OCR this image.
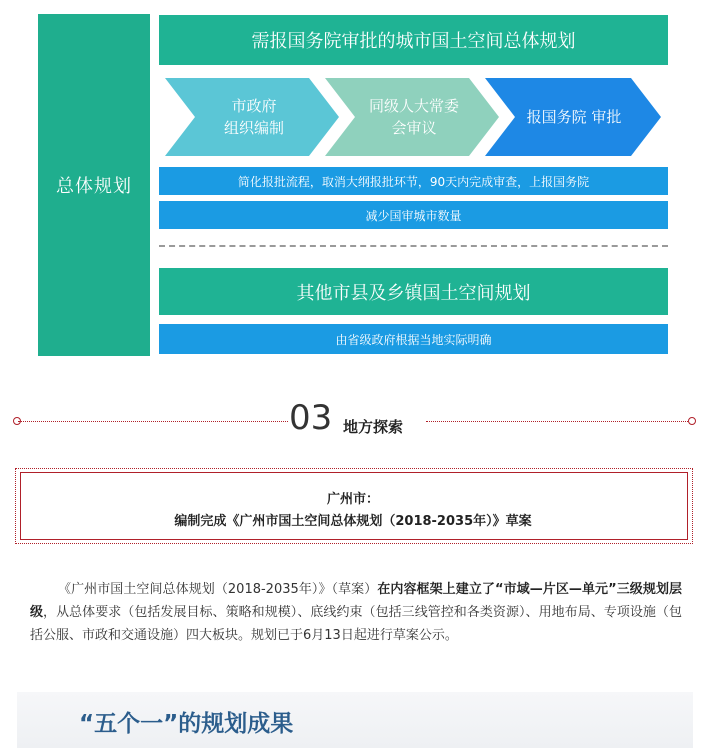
总体规划
需报国务院审批的城市国土空间总体规划
市政府
组织编制
同级人大常委
会审议
报国务院 审批
简化报批流程，取消大纲报批环节，90天内完成审查，上报国务院
减少国审城市数量
其他市县及乡镇国土空间规划
由省级政府根据当地实际明确
03 地方探索
广州市：
编制完成《广州市国土空间总体规划（2018-2035年）》草案
《广州市国土空间总体规划（2018-2035年）》（草案）在内容框架上建立了“市域—片区—单元”三级规划层级，从总体要求（包括发展目标、策略和规模）、底线约束（包括三线管控和各类资源）、用地布局、专项设施（包括公服、市政和交通设施）四大板块。规划已于6月13日起进行草案公示。
“五个一”的规划成果
